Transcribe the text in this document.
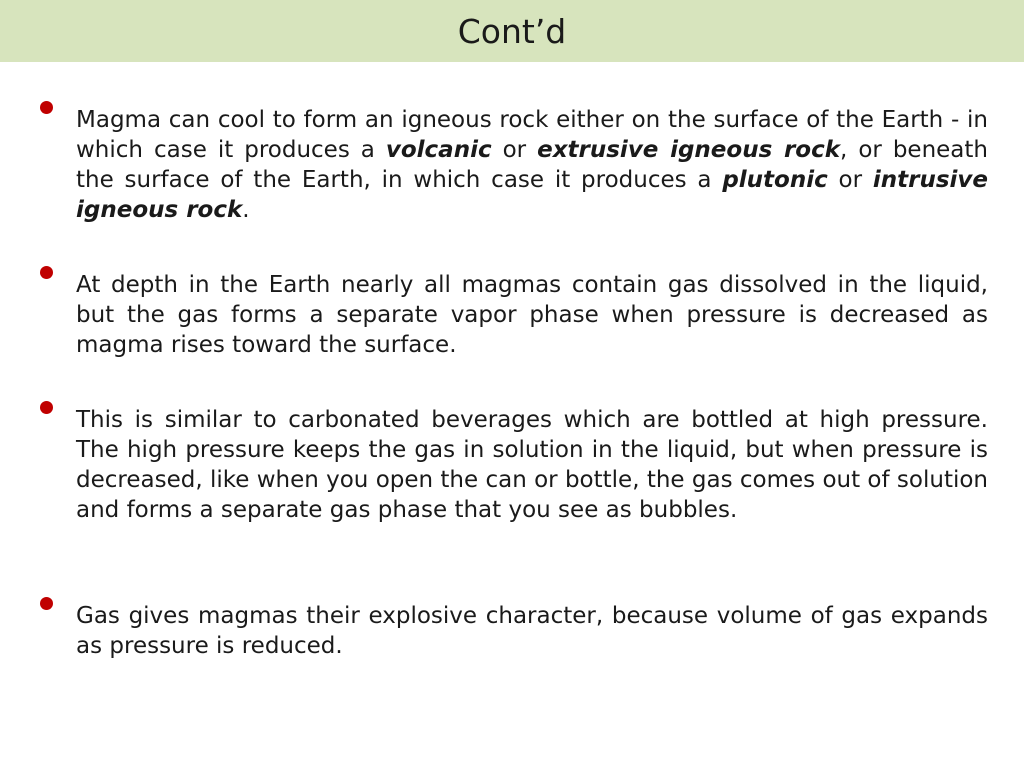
Cont’d
Magma can cool to form an igneous rock either on the surface of the Earth - in which case it produces a volcanic or extrusive igneous rock, or beneath the surface of the Earth, in which case it produces a plutonic or intrusive igneous rock.
At depth in the Earth nearly all magmas contain gas dissolved in the liquid, but the gas forms a separate vapor phase when pressure is decreased as magma rises toward the surface.
This is similar to carbonated beverages which are bottled at high pressure. The high pressure keeps the gas in solution in the liquid, but when pressure is decreased, like when you open the can or bottle, the gas comes out of solution and forms a separate gas phase that you see as bubbles.
Gas gives magmas their explosive character, because volume of gas expands as pressure is reduced.
